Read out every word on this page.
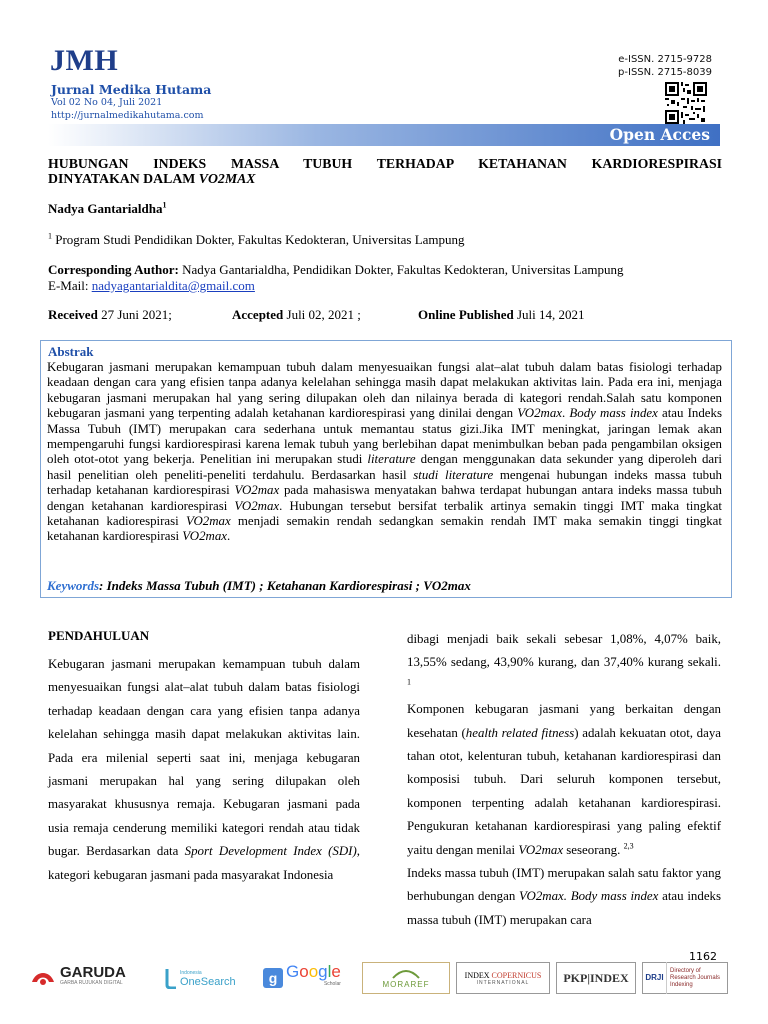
JMH
Jurnal Medika Hutama
Vol 02 No 04, Juli 2021
http://jurnalmedikahutama.com
e-ISSN. 2715-9728
p-ISSN. 2715-8039
Open Acces
HUBUNGAN INDEKS MASSA TUBUH TERHADAP KETAHANAN KARDIORESPIRASI
DINYATAKAN DALAM VO2MAX
Nadya Gantarialdha$^1$
$^1$ Program Studi Pendidikan Dokter, Fakultas Kedokteran, Universitas Lampung
Corresponding Author: Nadya Gantarialdha, Pendidikan Dokter, Fakultas Kedokteran, Universitas Lampung
E-Mail: nadyagantarialdita@gmail.com
Received 27 Juni 2021;	Accepted Juli 02, 2021 ;	Online Published Juli 14, 2021
Abstrak
Kebugaran jasmani merupakan kemampuan tubuh dalam menyesuaikan fungsi alat–alat tubuh dalam batas fisiologi terhadap keadaan dengan cara yang efisien tanpa adanya kelelahan sehingga masih dapat melakukan aktivitas lain. Pada era ini, menjaga kebugaran jasmani merupakan hal yang sering dilupakan oleh dan nilainya berada di kategori rendah.Salah satu komponen kebugaran jasmani yang terpenting adalah ketahanan kardiorespirasi yang dinilai dengan VO2max. Body mass index atau Indeks Massa Tubuh (IMT) merupakan cara sederhana untuk memantau status gizi.Jika IMT meningkat, jaringan lemak akan mempengaruhi fungsi kardiorespirasi karena lemak tubuh yang berlebihan dapat menimbulkan beban pada pengambilan oksigen oleh otot-otot yang bekerja. Penelitian ini merupakan studi literature dengan menggunakan data sekunder yang diperoleh dari hasil penelitian oleh peneliti-peneliti terdahulu. Berdasarkan hasil studi literature mengenai hubungan indeks massa tubuh terhadap ketahanan kardiorespirasi VO2max pada mahasiswa menyatakan bahwa terdapat hubungan antara indeks massa tubuh dengan ketahanan kardiorespirasi VO2max. Hubungan tersebut bersifat terbalik artinya semakin tinggi IMT maka tingkat ketahanan kadiorespirasi VO2max menjadi semakin rendah sedangkan semakin rendah IMT maka semakin tinggi tingkat ketahanan kardiorespirasi VO2max.
Keywords: Indeks Massa Tubuh (IMT) ; Ketahanan Kardiorespirasi ; VO2max
PENDAHULUAN
Kebugaran jasmani merupakan kemampuan tubuh dalam menyesuaikan fungsi alat–alat tubuh dalam batas fisiologi terhadap keadaan dengan cara yang efisien tanpa adanya kelelahan sehingga masih dapat melakukan aktivitas lain. Pada era milenial seperti saat ini, menjaga kebugaran jasmani merupakan hal yang sering dilupakan oleh masyarakat khususnya remaja. Kebugaran jasmani pada usia remaja cenderung memiliki kategori rendah atau tidak bugar. Berdasarkan data Sport Development Index (SDI), kategori kebugaran jasmani pada masyarakat Indonesia

dibagi menjadi baik sekali sebesar 1,08%, 4,07% baik, 13,55% sedang, 43,90% kurang, dan 37,40% kurang sekali. $^1$

Komponen kebugaran jasmani yang berkaitan dengan kesehatan (health related fitness) adalah kekuatan otot, daya tahan otot, kelenturan tubuh, ketahanan kardiorespirasi dan komposisi tubuh. Dari seluruh komponen tersebut, komponen terpenting adalah ketahanan kardiorespirasi. Pengukuran ketahanan kardiorespirasi yang paling efektif yaitu dengan menilai VO2max seseorang. $^{2,3}$

Indeks massa tubuh (IMT) merupakan salah satu faktor yang berhubungan dengan VO2max. Body mass index atau indeks massa tubuh (IMT) merupakan cara

1162
GARUDA
GARBA RUJUKAN DIGITAL
Indonesia
OneSearch	g Google
Scholar	MORAREF
INDEX COPERNICUS
INTERNATIONAL	PKP|INDEX DRJI
Directory of Research Journals Indexing
